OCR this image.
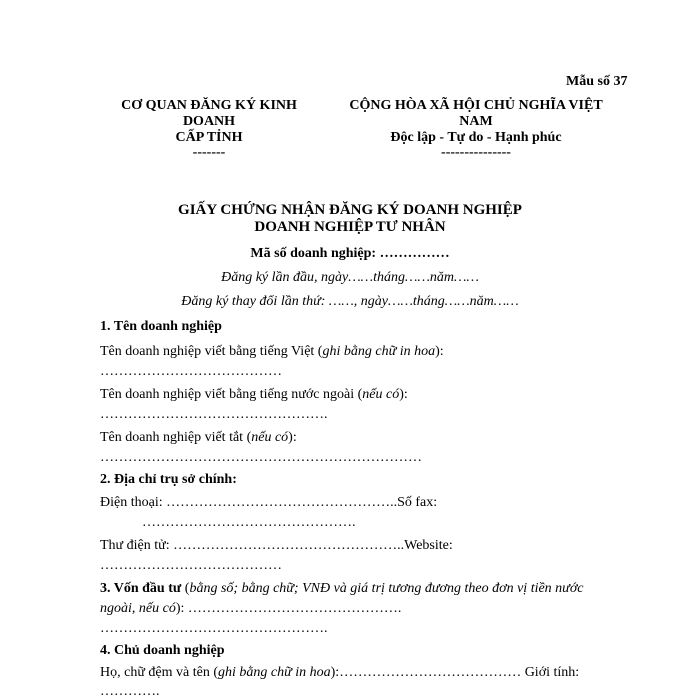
Mẫu số 37
CƠ QUAN ĐĂNG KÝ KINH
DOANH
CẤP TỈNH
-------
CỘNG HÒA XÃ HỘI CHỦ NGHĨA VIỆT
NAM
Độc lập - Tự do - Hạnh phúc
---------------
GIẤY CHỨNG NHẬN ĐĂNG KÝ DOANH NGHIỆP
DOANH NGHIỆP TƯ NHÂN
Mã số doanh nghiệp: ……………
Đăng ký lần đầu, ngày……tháng……năm……
Đăng ký thay đổi lần thứ: ……, ngày……tháng……năm……
1. Tên doanh nghiệp
Tên doanh nghiệp viết bằng tiếng Việt (ghi bằng chữ in hoa):
…………………………………
Tên doanh nghiệp viết bằng tiếng nước ngoài (nếu có):
………………………………………….
Tên doanh nghiệp viết tắt (nếu có):
……………………………………………………………
2. Địa chỉ trụ sở chính:
Điện thoại: …………………………………………..Số fax:
……………………………………….
Thư điện tử: …………………………………………..Website:
…………………………………
3. Vốn đầu tư (bằng số; bằng chữ; VNĐ và giá trị tương đương theo đơn vị tiền nước
ngoài, nếu có): ……………………………………….
………………………………………….
4. Chủ doanh nghiệp
Họ, chữ đệm và tên (ghi bằng chữ in hoa):………………………………… Giới tính:
………….
